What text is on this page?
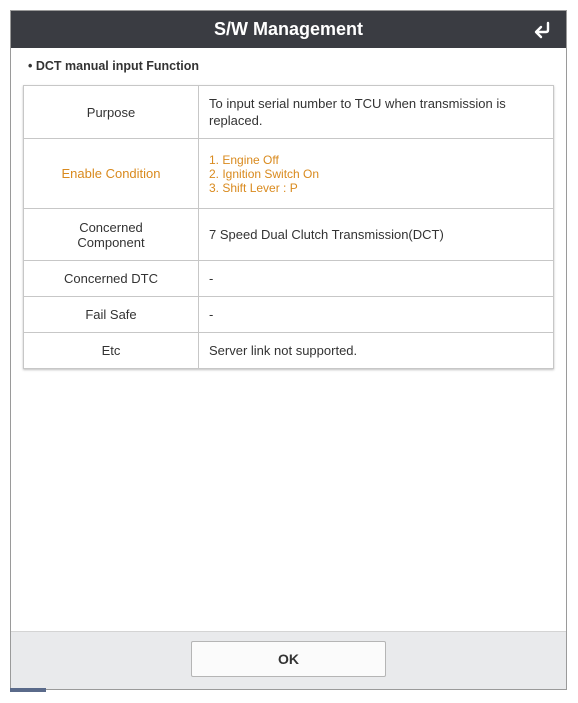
S/W Management
• DCT manual input Function
Purpose	To input serial number to TCU when transmission is
replaced.
Enable Condition	1. Engine Off
2. Ignition Switch On
3. Shift Lever : P
Concerned
Component	7 Speed Dual Clutch Transmission(DCT)
Concerned DTC	-
Fail Safe	-
Etc	Server link not supported.
OK
